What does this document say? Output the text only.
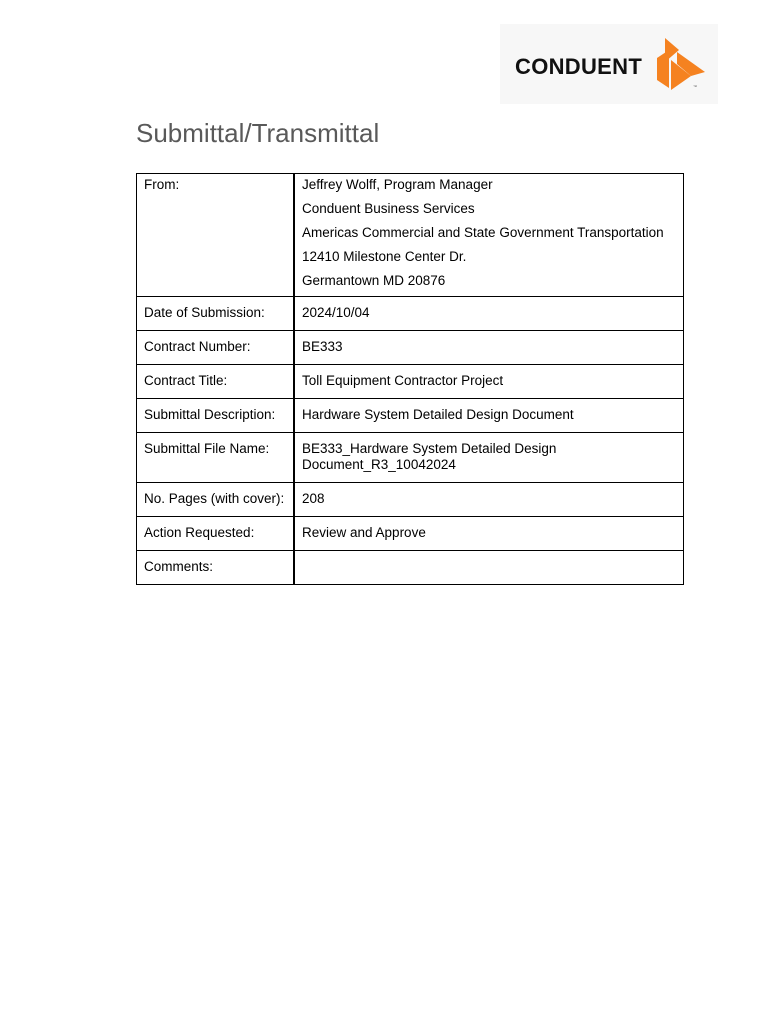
CONDUENT
™
Submittal/Transmittal
From:	Jeffrey Wolff, Program Manager
Conduent Business Services
Americas Commercial and State Government Transportation
12410 Milestone Center Dr.
Germantown MD 20876

Date of Submission:	2024/10/04
Contract Number:	BE333
Contract Title:	Toll Equipment Contractor Project
Submittal Description:	Hardware System Detailed Design Document
Submittal File Name:	BE333_Hardware System Detailed Design Document_R3_10042024
No. Pages (with cover):	208
Action Requested:	Review and Approve
Comments:	
